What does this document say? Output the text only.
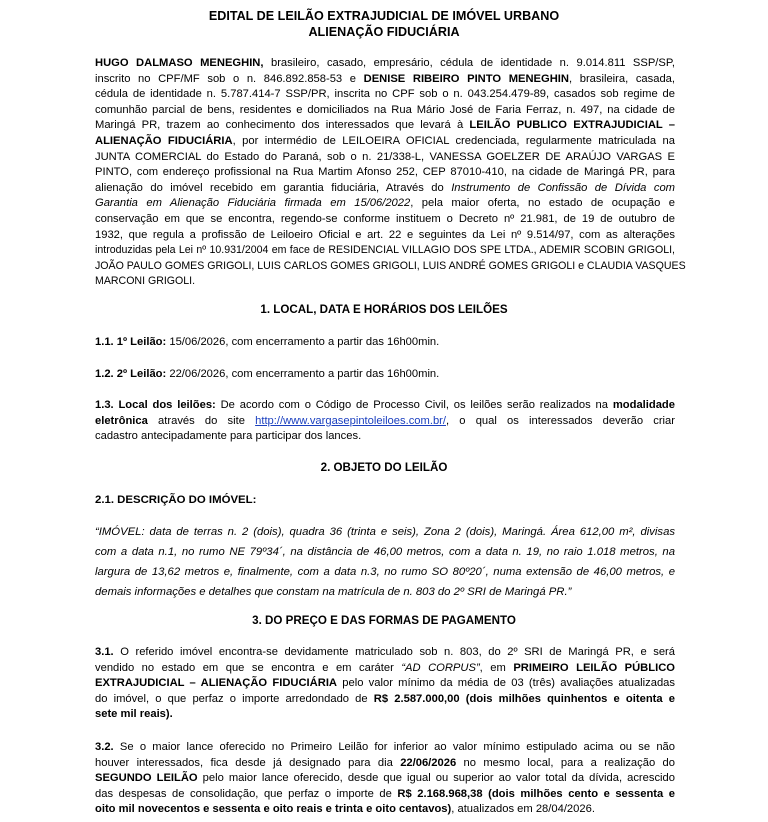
EDITAL DE LEILÃO EXTRAJUDICIAL DE IMÓVEL URBANO
ALIENAÇÃO FIDUCIÁRIA
HUGO DALMASO MENEGHIN, brasileiro, casado, empresário, cédula de identidade n. 9.014.811 SSP/SP,
inscrito no CPF/MF sob o n. 846.892.858-53 e DENISE RIBEIRO PINTO MENEGHIN, brasileira, casada,
cédula de identidade n. 5.787.414-7 SSP/PR, inscrita no CPF sob o n. 043.254.479-89, casados sob regime de
comunhão parcial de bens, residentes e domiciliados na Rua Mário José de Faria Ferraz, n. 497, na cidade de
Maringá PR, trazem ao conhecimento dos interessados que levará à LEILÃO PUBLICO EXTRAJUDICIAL –
ALIENAÇÃO FIDUCIÁRIA, por intermédio de LEILOEIRA OFICIAL credenciada, regularmente matriculada na
JUNTA COMERCIAL do Estado do Paraná, sob o n. 21/338-L, VANESSA GOELZER DE ARAÚJO VARGAS E
PINTO, com endereço profissional na Rua Martim Afonso 252, CEP 87010-410, na cidade de Maringá PR, para
alienação do imóvel recebido em garantia fiduciária, Através do Instrumento de Confissão de Dívida com
Garantia em Alienação Fiduciária firmada em 15/06/2022, pela maior oferta, no estado de ocupação e
conservação em que se encontra, regendo-se conforme instituem o Decreto nº 21.981, de 19 de outubro de
1932, que regula a profissão de Leiloeiro Oficial e art. 22 e seguintes da Lei nº 9.514/97, com as alterações
introduzidas pela Lei nº 10.931/2004 em face de RESIDENCIAL VILLAGIO DOS SPE LTDA., ADEMIR SCOBIN GRIGOLI,
JOÃO PAULO GOMES GRIGOLI, LUIS CARLOS GOMES GRIGOLI, LUIS ANDRÉ GOMES GRIGOLI e CLAUDIA VASQUES
MARCONI GRIGOLI.
1. LOCAL, DATA E HORÁRIOS DOS LEILÕES
1.1. 1º Leilão: 15/06/2026, com encerramento a partir das 16h00min.
1.2. 2º Leilão: 22/06/2026, com encerramento a partir das 16h00min.
1.3. Local dos leilões: De acordo com o Código de Processo Civil, os leilões serão realizados na modalidade
eletrônica através do site http://www.vargasepintoleiloes.com.br/, o qual os interessados deverão criar
cadastro antecipadamente para participar dos lances.
2. OBJETO DO LEILÃO
2.1. DESCRIÇÃO DO IMÓVEL:
“IMÓVEL: data de terras n. 2 (dois), quadra 36 (trinta e seis), Zona 2 (dois), Maringá. Área 612,00 m², divisas
com a data n.1, no rumo NE 79º34´, na distância de 46,00 metros, com a data n. 19, no raio 1.018 metros, na
largura de 13,62 metros e, finalmente, com a data n.3, no rumo SO 80º20´, numa extensão de 46,00 metros, e
demais informações e detalhes que constam na matrícula de n. 803 do 2º SRI de Maringá PR.”
3. DO PREÇO E DAS FORMAS DE PAGAMENTO
3.1. O referido imóvel encontra-se devidamente matriculado sob n. 803, do 2º SRI de Maringá PR, e será
vendido no estado em que se encontra e em caráter “AD CORPUS”, em PRIMEIRO LEILÃO PÚBLICO
EXTRAJUDICIAL – ALIENAÇÃO FIDUCIÁRIA pelo valor mínimo da média de 03 (três) avaliações atualizadas
do imóvel, o que perfaz o importe arredondado de R$ 2.587.000,00 (dois milhões quinhentos e oitenta e
sete mil reais).
3.2. Se o maior lance oferecido no Primeiro Leilão for inferior ao valor mínimo estipulado acima ou se não
houver interessados, fica desde já designado para dia 22/06/2026 no mesmo local, para a realização do
SEGUNDO LEILÃO pelo maior lance oferecido, desde que igual ou superior ao valor total da dívida, acrescido
das despesas de consolidação, que perfaz o importe de R$ 2.168.968,38 (dois milhões cento e sessenta e
oito mil novecentos e sessenta e oito reais e trinta e oito centavos), atualizados em 28/04/2026.
